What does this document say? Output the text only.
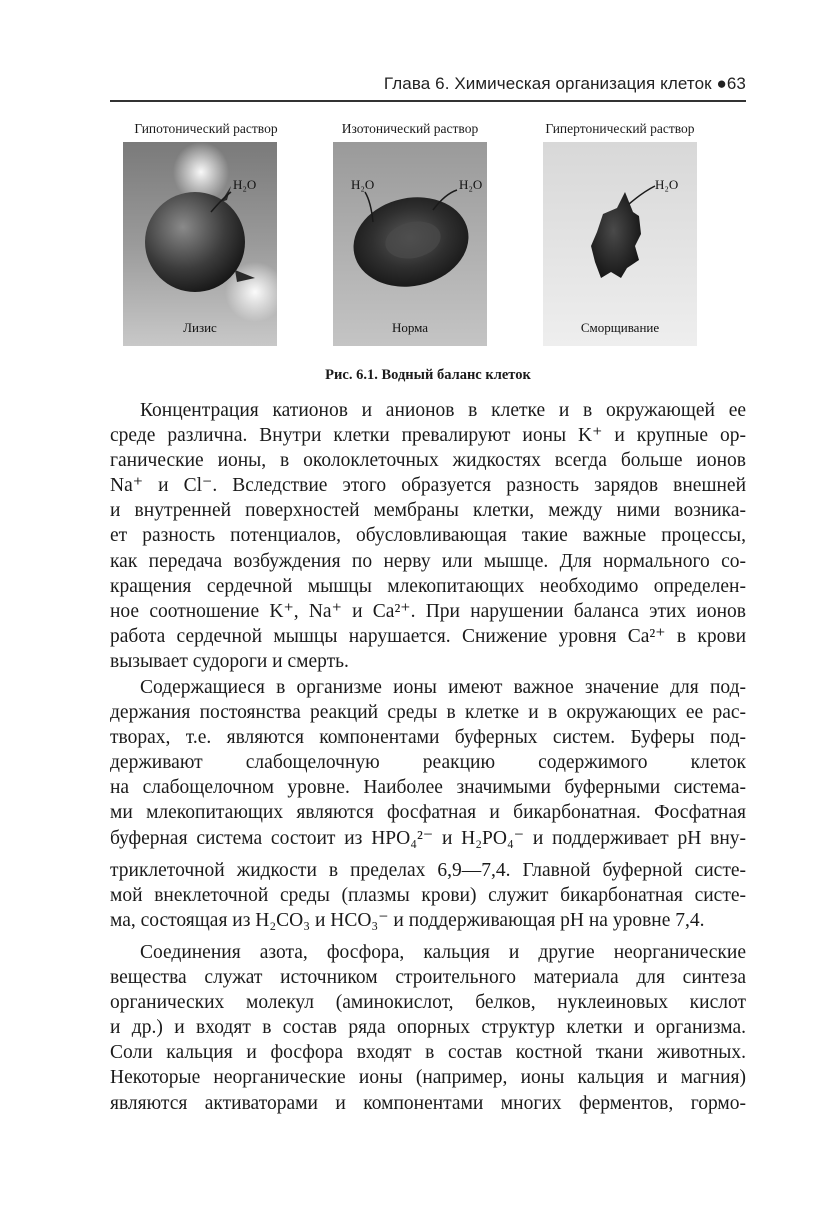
Глава 6. Химическая организация клеток ●63
Гипотонический раствор	Изотонический раствор	Гипертонический раствор
H₂O
Лизис
H₂O	H₂O
Норма
H₂O
Сморщивание
Рис. 6.1. Водный баланс клеток
Концентрация катионов и анионов в клетке и в окружающей ее
среде различна. Внутри клетки превалируют ионы K⁺ и крупные ор-
ганические ионы, в околоклеточных жидкостях всегда больше ионов
Na⁺ и Cl⁻. Вследствие этого образуется разность зарядов внешней
и внутренней поверхностей мембраны клетки, между ними возника-
ет разность потенциалов, обусловливающая такие важные процессы,
как передача возбуждения по нерву или мышце. Для нормального со-
кращения сердечной мышцы млекопитающих необходимо определен-
ное соотношение K⁺, Na⁺ и Ca²⁺. При нарушении баланса этих ионов
работа сердечной мышцы нарушается. Снижение уровня Ca²⁺ в крови
вызывает судороги и смерть.
Содержащиеся в организме ионы имеют важное значение для под-
держания постоянства реакций среды в клетке и в окружающих ее рас-
творах, т.е. являются компонентами буферных систем. Буферы под-
держивают слабощелочную реакцию содержимого клеток
на слабощелочном уровне. Наиболее значимыми буферными система-
ми млекопитающих являются фосфатная и бикарбонатная. Фосфатная
буферная система состоит из HPO₄²⁻ и H₂PO₄⁻ и поддерживает pH вну-
триклеточной жидкости в пределах 6,9—7,4. Главной буферной систе-
мой внеклеточной среды (плазмы крови) служит бикарбонатная систе-
ма, состоящая из H₂CO₃ и HCO₃⁻ и поддерживающая pH на уровне 7,4.
Соединения азота, фосфора, кальция и другие неорганические
вещества служат источником строительного материала для синтеза
органических молекул (аминокислот, белков, нуклеиновых кислот
и др.) и входят в состав ряда опорных структур клетки и организма.
Соли кальция и фосфора входят в состав костной ткани животных.
Некоторые неорганические ионы (например, ионы кальция и магния)
являются активаторами и компонентами многих ферментов, гормо-
